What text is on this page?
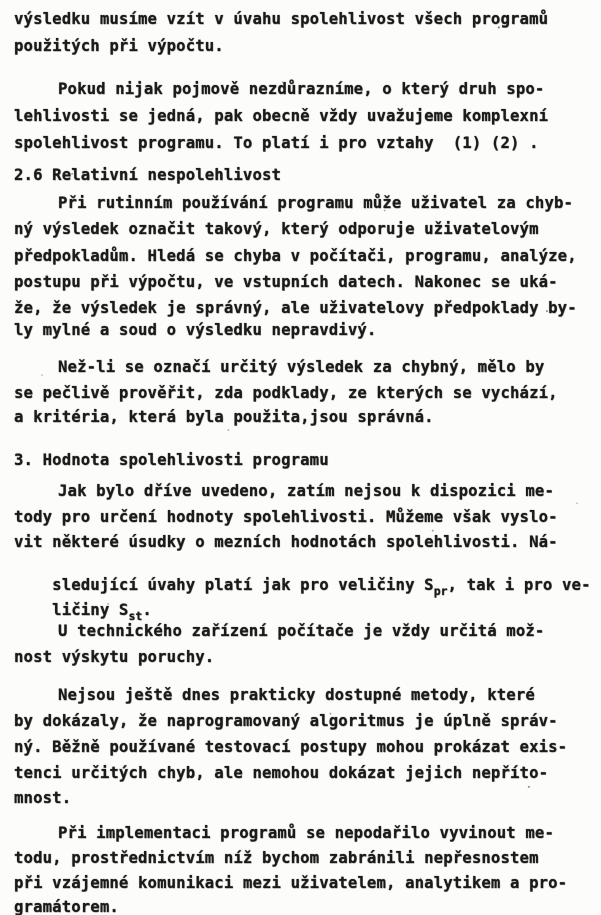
výsledku musíme vzít v úvahu spolehlivost všech programů
použitých při výpočtu.
Pokud nijak pojmově nezdůrazníme, o který druh spo-
lehlivosti se jedná, pak obecně vždy uvažujeme komplexní
spolehlivost programu. To platí i pro vztahy  (1) (2) .
2.6 Relativní nespolehlivost
Při rutinním používání programu může uživatel za chyb-
ný výsledek označit takový, který odporuje uživatelovým
předpokladům. Hledá se chyba v počítači, programu, analýze,
postupu při výpočtu, ve vstupních datech. Nakonec se uká-
že, že výsledek je správný, ale uživatelovy předpoklady by-
ly mylné a soud o výsledku nepravdivý.
Než-li se označí určitý výsledek za chybný, mělo by
se pečlivě prověřit, zda podklady, ze kterých se vychází,
a kritéria, která byla použita,jsou správná.
3. Hodnota spolehlivosti programu
Jak bylo dříve uvedeno, zatím nejsou k dispozici me-
tody pro určení hodnoty spolehlivosti. Můžeme však vyslo-
vit některé úsudky o mezních hodnotách spolehlivosti. Ná-

sledující úvahy platí jak pro veličiny $S_{pr}$, tak i pro ve-

ličiny $S_{st}$.

U technického zařízení počítače je vždy určitá mož-
nost výskytu poruchy.
Nejsou ještě dnes prakticky dostupné metody, které
by dokázaly, že naprogramovaný algoritmus je úplně správ-
ný. Běžně používané testovací postupy mohou prokázat exis-
tenci určitých chyb, ale nemohou dokázat jejich nepříto-
mnost.
Při implementaci programů se nepodařilo vyvinout me-
todu, prostřednictvím níž bychom zabránili nepřesnostem
při vzájemné komunikaci mezi uživatelem, analytikem a pro-
gramátorem.
